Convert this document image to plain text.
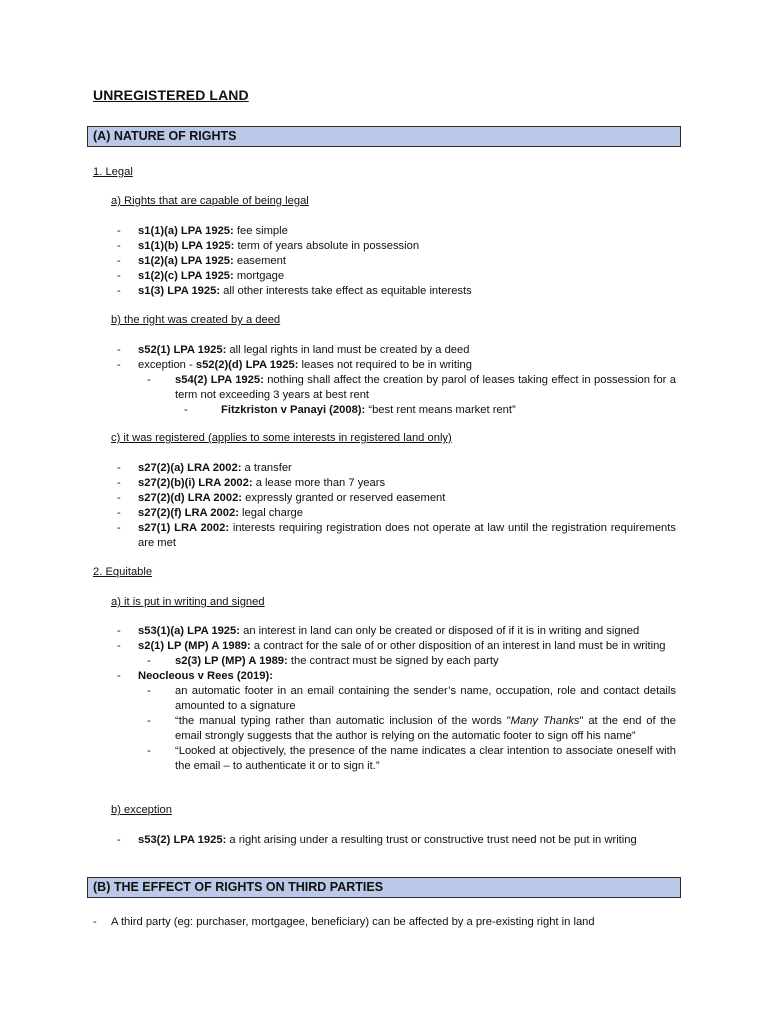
UNREGISTERED LAND
(A) NATURE OF RIGHTS
1. Legal
a) Rights that are capable of being legal
- s1(1)(a) LPA 1925: fee simple
- s1(1)(b) LPA 1925: term of years absolute in possession
- s1(2)(a) LPA 1925: easement
- s1(2)(c) LPA 1925: mortgage
- s1(3) LPA 1925: all other interests take effect as equitable interests
b) the right was created by a deed
- s52(1) LPA 1925: all legal rights in land must be created by a deed
- exception - s52(2)(d) LPA 1925: leases not required to be in writing
- s54(2) LPA 1925: nothing shall affect the creation by parol of leases taking effect in possession for a term not exceeding 3 years at best rent
- Fitzkriston v Panayi (2008): “best rent means market rent”
c) it was registered (applies to some interests in registered land only)
- s27(2)(a) LRA 2002: a transfer
- s27(2)(b)(i) LRA 2002: a lease more than 7 years
- s27(2)(d) LRA 2002: expressly granted or reserved easement
- s27(2)(f) LRA 2002: legal charge
- s27(1) LRA 2002: interests requiring registration does not operate at law until the registration requirements are met
2. Equitable
a) it is put in writing and signed
- s53(1)(a) LPA 1925: an interest in land can only be created or disposed of if it is in writing and signed
- s2(1) LP (MP) A 1989: a contract for the sale of or other disposition of an interest in land must be in writing
- s2(3) LP (MP) A 1989: the contract must be signed by each party
- Neocleous v Rees (2019):
- an automatic footer in an email containing the sender’s name, occupation, role and contact details amounted to a signature
- “the manual typing rather than automatic inclusion of the words "Many Thanks" at the end of the email strongly suggests that the author is relying on the automatic footer to sign off his name”
- “Looked at objectively, the presence of the name indicates a clear intention to associate oneself with the email – to authenticate it or to sign it.”
b) exception
- s53(2) LPA 1925: a right arising under a resulting trust or constructive trust need not be put in writing
(B) THE EFFECT OF RIGHTS ON THIRD PARTIES
- A third party (eg: purchaser, mortgagee, beneficiary) can be affected by a pre-existing right in land
